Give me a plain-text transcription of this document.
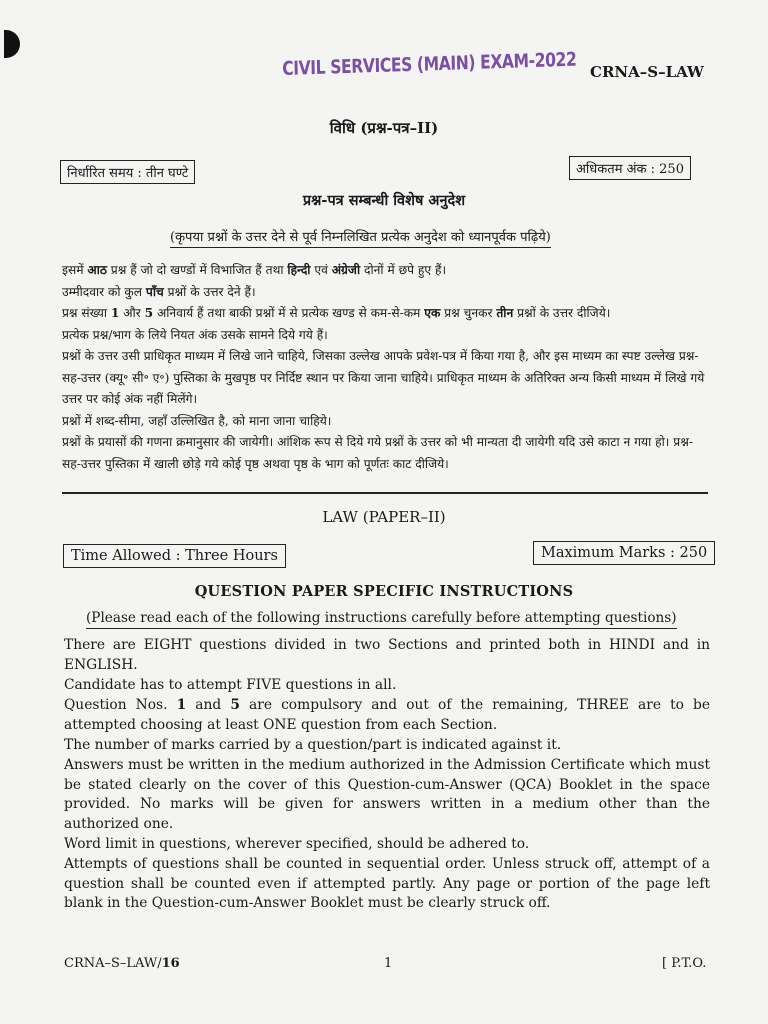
CIVIL SERVICES (MAIN) EXAM-2022 CRNA–S–LAW
विधि (प्रश्न-पत्र–II)
निर्धारित समय : तीन घण्टे	अधिकतम अंक : 250
प्रश्न-पत्र सम्बन्धी विशेष अनुदेश
(कृपया प्रश्नों के उत्तर देने से पूर्व निम्नलिखित प्रत्येक अनुदेश को ध्यानपूर्वक पढ़िये)

इसमें आठ प्रश्न हैं जो दो खण्डों में विभाजित हैं तथा हिन्दी एवं अंग्रेजी दोनों में छपे हुए हैं।

उम्मीदवार को कुल पाँच प्रश्नों के उत्तर देने हैं।

प्रश्न संख्या 1 और 5 अनिवार्य हैं तथा बाकी प्रश्नों में से प्रत्येक खण्ड से कम-से-कम एक प्रश्न चुनकर तीन प्रश्नों के उत्तर दीजिये।

प्रत्येक प्रश्न/भाग के लिये नियत अंक उसके सामने दिये गये हैं।

प्रश्नों के उत्तर उसी प्राधिकृत माध्यम में लिखे जाने चाहिये, जिसका उल्लेख आपके प्रवेश-पत्र में किया गया है, और इस माध्यम का स्पष्ट उल्लेख प्रश्न-सह-उत्तर (क्यू॰ सी॰ ए॰) पुस्तिका के मुखपृष्ठ पर निर्दिष्ट स्थान पर किया जाना चाहिये। प्राधिकृत माध्यम के अतिरिक्त अन्य किसी माध्यम में लिखे गये उत्तर पर कोई अंक नहीं मिलेंगे।

प्रश्नों में शब्द-सीमा, जहाँ उल्लिखित है, को माना जाना चाहिये।

प्रश्नों के प्रयासों की गणना क्रमानुसार की जायेगी। आंशिक रूप से दिये गये प्रश्नों के उत्तर को भी मान्यता दी जायेगी यदि उसे काटा न गया हो। प्रश्न-सह-उत्तर पुस्तिका में खाली छोड़े गये कोई पृष्ठ अथवा पृष्ठ के भाग को पूर्णतः काट दीजिये।

LAW (PAPER–II)
Time Allowed : Three Hours	Maximum Marks : 250
QUESTION PAPER SPECIFIC INSTRUCTIONS
(Please read each of the following instructions carefully before attempting questions)

There are EIGHT questions divided in two Sections and printed both in HINDI and in ENGLISH.

Candidate has to attempt FIVE questions in all.

Question Nos. 1 and 5 are compulsory and out of the remaining, THREE are to be attempted choosing at least ONE question from each Section.

The number of marks carried by a question/part is indicated against it.

Answers must be written in the medium authorized in the Admission Certificate which must be stated clearly on the cover of this Question-cum-Answer (QCA) Booklet in the space provided. No marks will be given for answers written in a medium other than the authorized one.

Word limit in questions, wherever specified, should be adhered to.

Attempts of questions shall be counted in sequential order. Unless struck off, attempt of a question shall be counted even if attempted partly. Any page or portion of the page left blank in the Question-cum-Answer Booklet must be clearly struck off.

CRNA–S–LAW/16	1	[ P.T.O.
